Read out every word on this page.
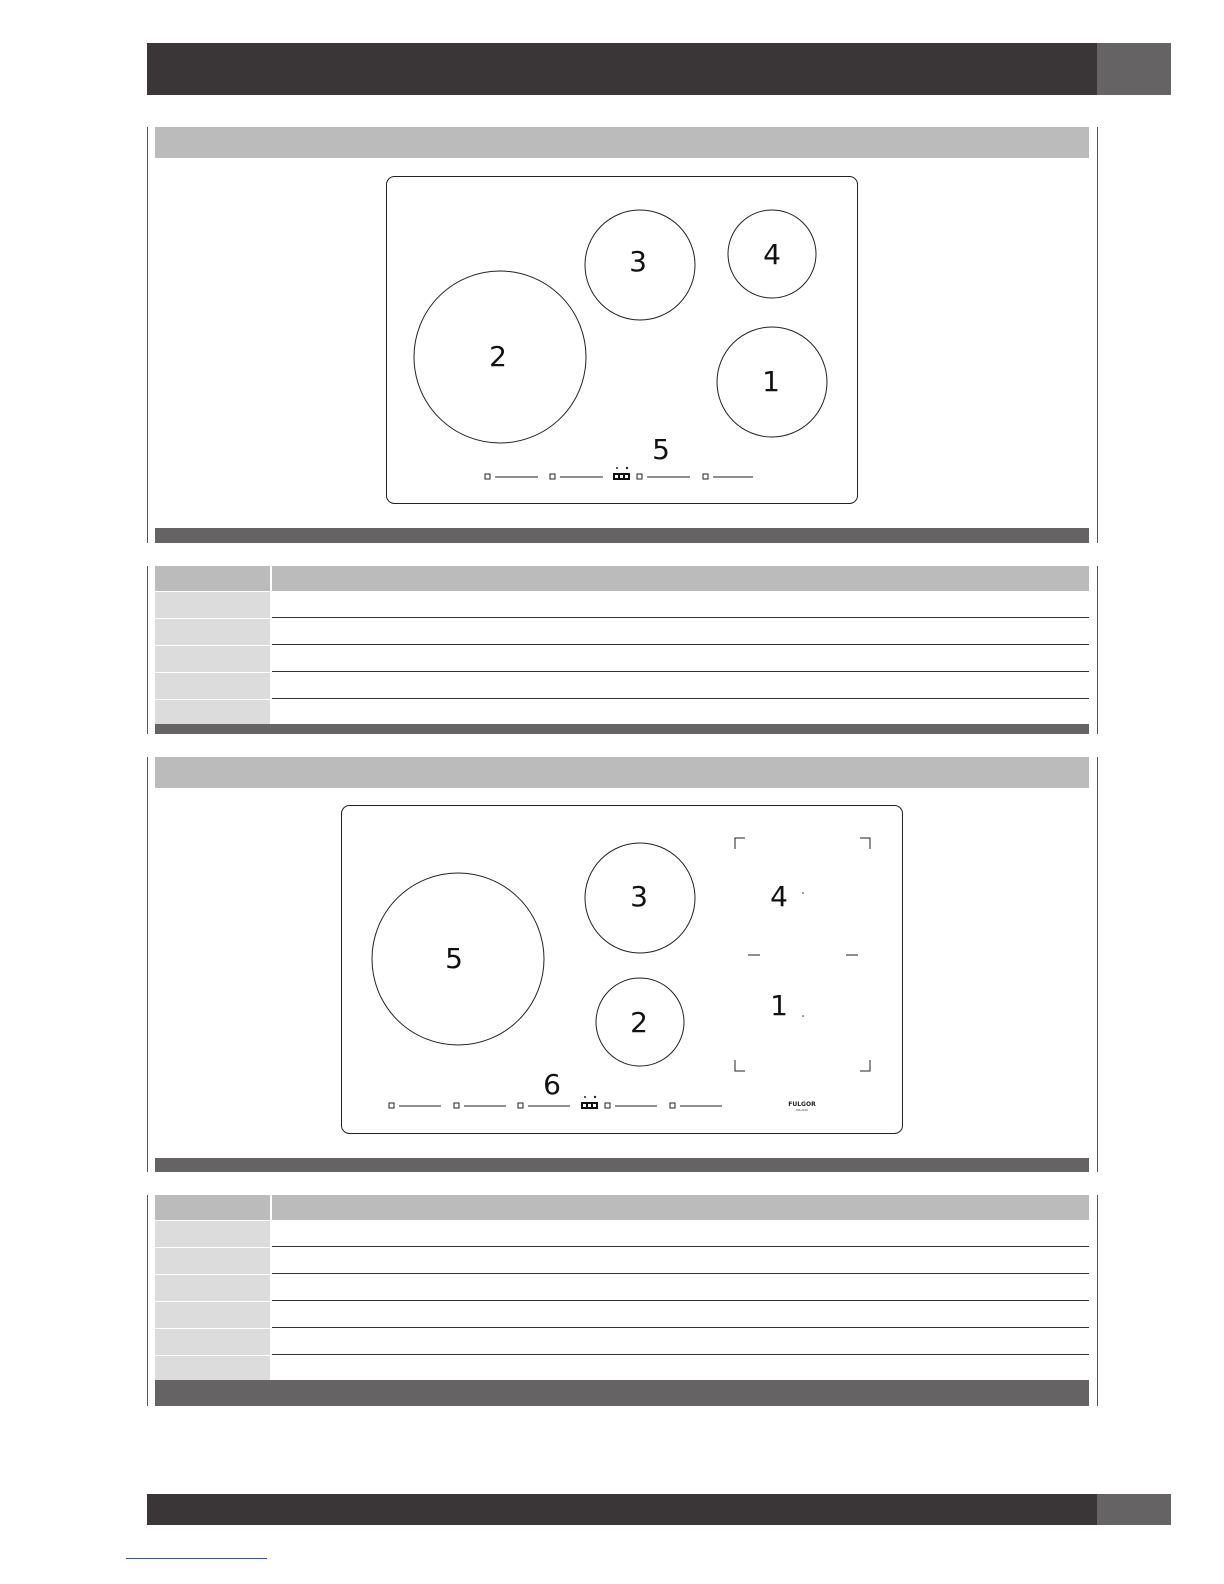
1
2
3	4
5
1
2
3	4
5
6
FULGOR
MILANO
